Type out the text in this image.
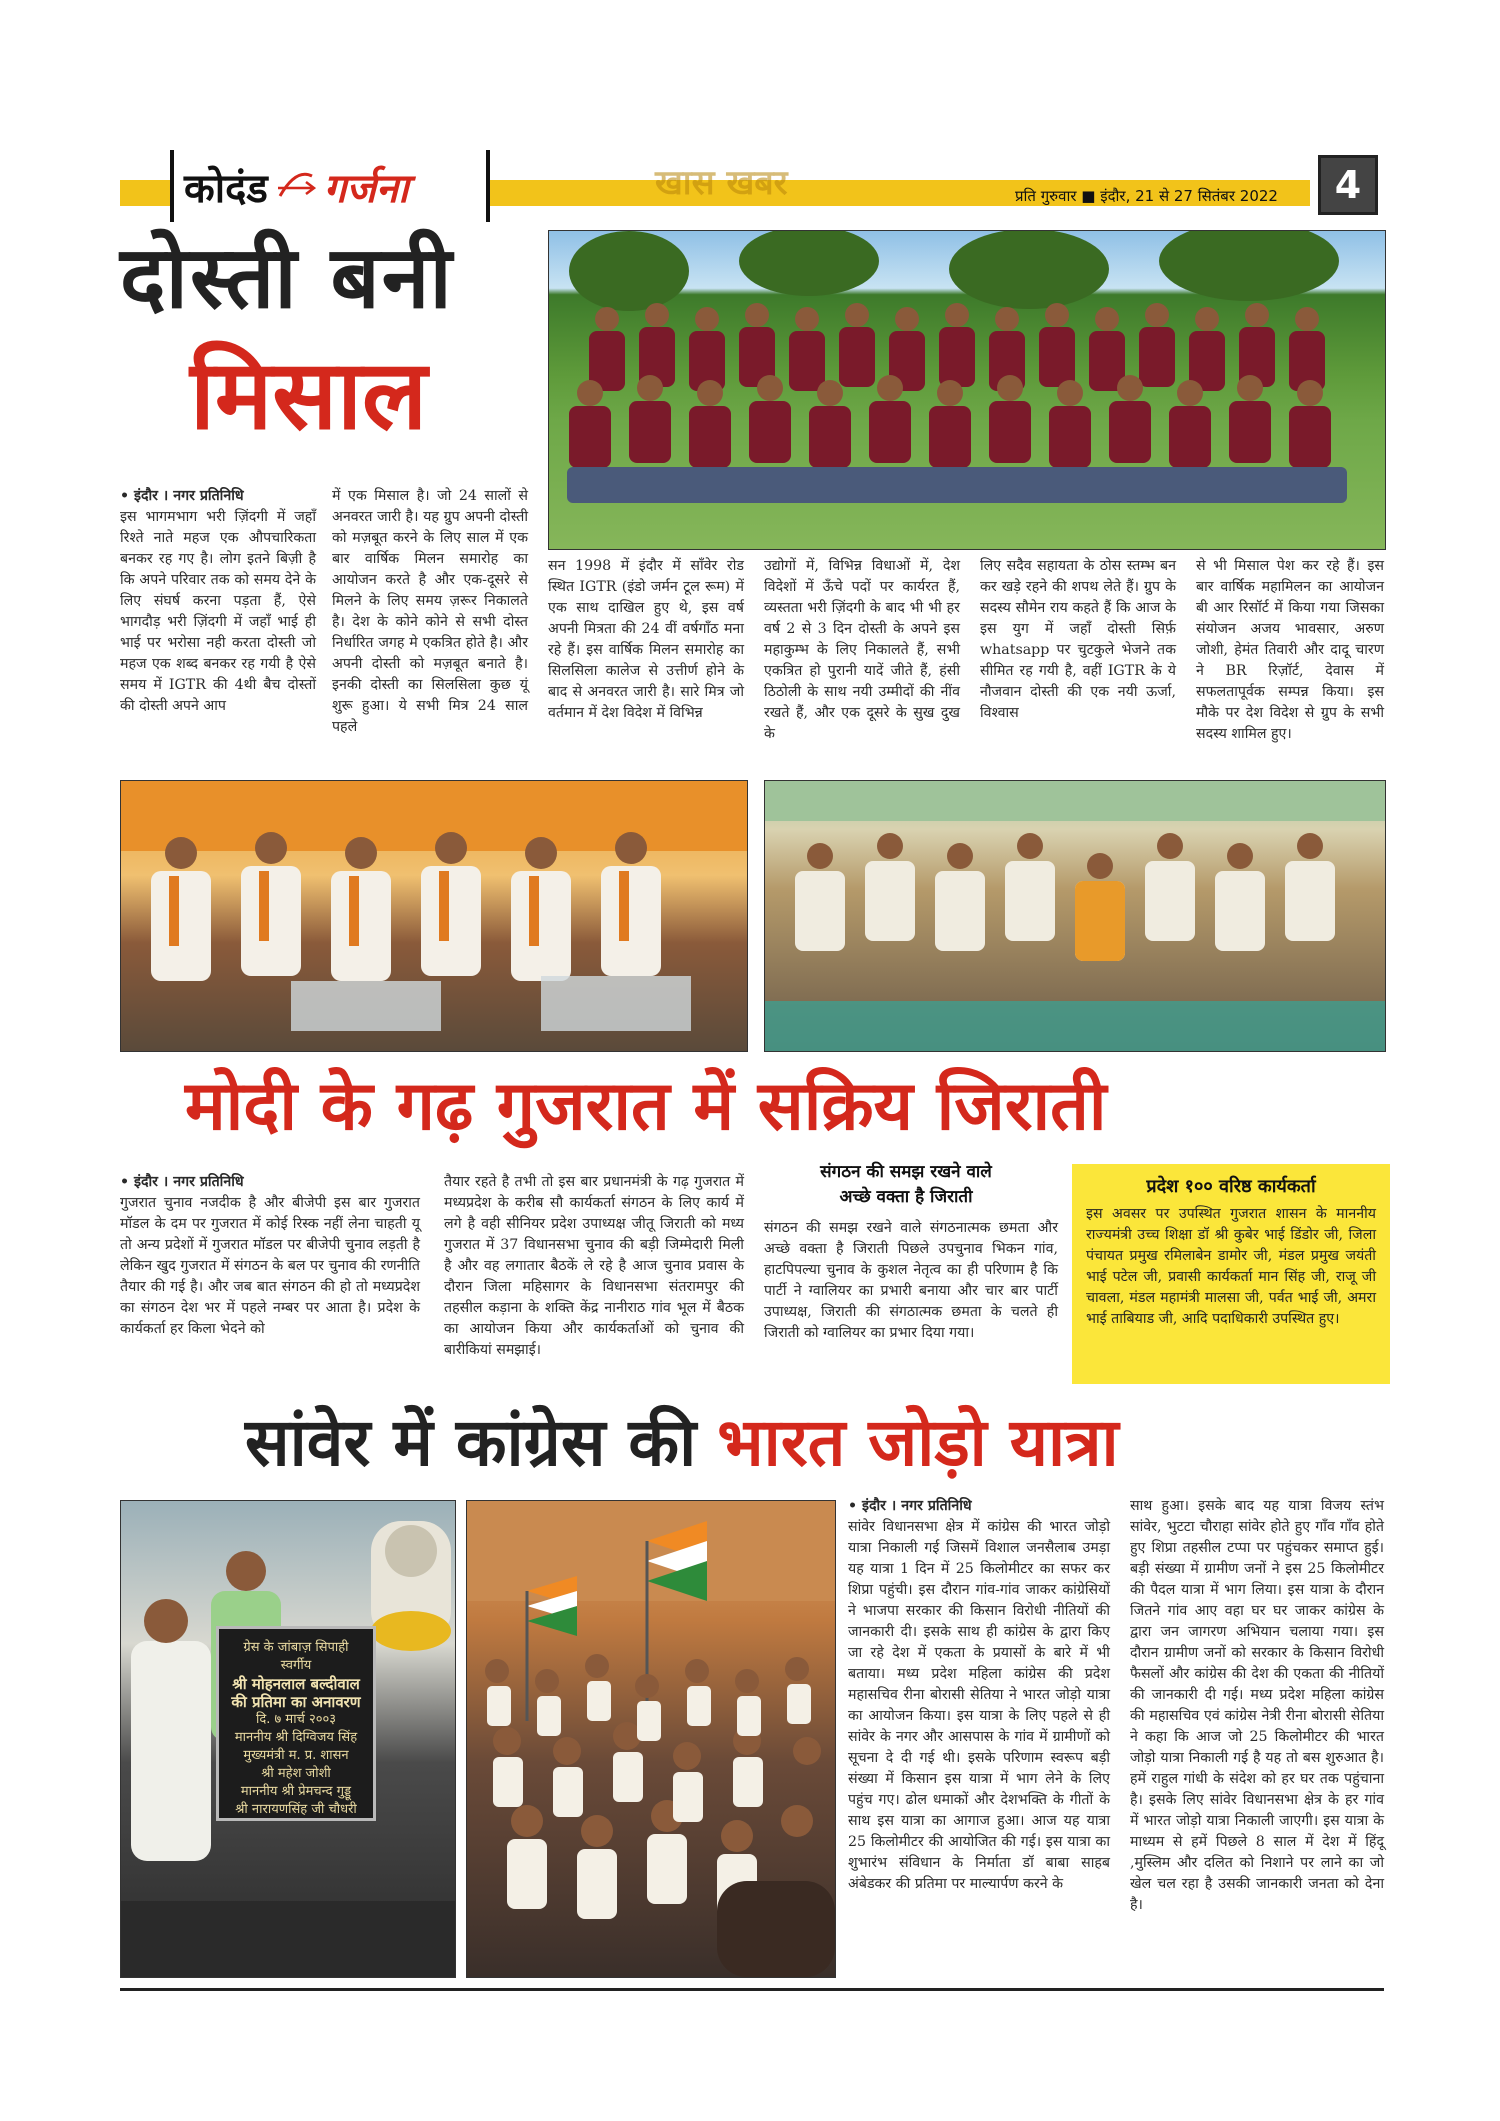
कोदंड गर्जना	खास खबर	प्रति गुरुवार ■ इंदौर, 21 से 27 सितंबर 2022	4
दोस्ती बनी
मिसाल
• इंदौर । नगर प्रतिनिधि
इस भागमभाग भरी ज़िंदगी में जहाँ रिश्ते नाते महज एक औपचारिकता बनकर रह गए है। लोग इतने बिज़ी है कि अपने परिवार तक को समय देने के लिए संघर्ष करना पड़ता हैं, ऐसे भागदौड़ भरी ज़िंदगी में जहाँ भाई ही भाई पर भरोसा नही करता दोस्ती जो महज एक शब्द बनकर रह गयी है ऐसे समय में IGTR की 4थी बैच दोस्तों की दोस्ती अपने आप
में एक मिसाल है। जो 24 सालों से अनवरत जारी है। यह ग्रुप अपनी दोस्ती को मज़बूत करने के लिए साल में एक बार वार्षिक मिलन समारोह का आयोजन करते है और एक-दूसरे से मिलने के लिए समय ज़रूर निकालते है। देश के कोने कोने से सभी दोस्त निर्धारित जगह मे एकत्रित होते है। और अपनी दोस्ती को मज़बूत बनाते है। इनकी दोस्ती का सिलसिला कुछ यूं शुरू हुआ। ये सभी मित्र 24 साल पहले
सन 1998 में इंदौर में साँवेर रोड स्थित IGTR (इंडो जर्मन टूल रूम) में एक साथ दाखिल हुए थे, इस वर्ष अपनी मित्रता की 24 वीं वर्षगाँठ मना रहे हैं। इस वार्षिक मिलन समारोह का सिलसिला कालेज से उत्तीर्ण होने के बाद से अनवरत जारी है। सारे मित्र जो वर्तमान में देश विदेश में विभिन्न
उद्योगों में, विभिन्न विधाओं में, देश विदेशों में ऊँचे पदों पर कार्यरत हैं, व्यस्तता भरी ज़िंदगी के बाद भी भी हर वर्ष 2 से 3 दिन दोस्ती के अपने इस महाकुम्भ के लिए निकालते हैं, सभी एकत्रित हो पुरानी यादें जीते हैं, हंसी ठिठोली के साथ नयी उम्मीदों की नींव रखते हैं, और एक दूसरे के सुख दुख के
लिए सदैव सहायता के ठोस स्तम्भ बन कर खड़े रहने की शपथ लेते हैं। ग्रुप के सदस्य सौमेन राय कहते हैं कि आज के इस युग में जहाँ दोस्ती सिर्फ़ whatsapp पर चुटकुले भेजने तक सीमित रह गयी है, वहीं IGTR के ये नौजवान दोस्ती की एक नयी ऊर्जा, विश्वास
से भी मिसाल पेश कर रहे हैं। इस बार वार्षिक महामिलन का आयोजन बी आर रिसॉर्ट में किया गया जिसका संयोजन अजय भावसार, अरुण जोशी, हेमंत तिवारी और दादू चारण ने BR रिज़ॉर्ट, देवास में सफलतापूर्वक सम्पन्न किया। इस मौके पर देश विदेश से ग्रुप के सभी सदस्य शामिल हुए।
मोदी के गढ़ गुजरात में सक्रिय जिराती
• इंदौर । नगर प्रतिनिधि
गुजरात चुनाव नजदीक है और बीजेपी इस बार गुजरात मॉडल के दम पर गुजरात में कोई रिस्क नहीं लेना चाहती यू तो अन्य प्रदेशों में गुजरात मॉडल पर बीजेपी चुनाव लड़ती है लेकिन खुद गुजरात में संगठन के बल पर चुनाव की रणनीति तैयार की गई है। और जब बात संगठन की हो तो मध्यप्रदेश का संगठन देश भर में पहले नम्बर पर आता है। प्रदेश के कार्यकर्ता हर किला भेदने को
तैयार रहते है तभी तो इस बार प्रधानमंत्री के गढ़ गुजरात में मध्यप्रदेश के करीब सौ कार्यकर्ता संगठन के लिए कार्य में लगे है वही सीनियर प्रदेश उपाध्यक्ष जीतू जिराती को मध्य गुजरात में 37 विधानसभा चुनाव की बड़ी जिम्मेदारी मिली है और वह लगातार बैठकें ले रहे है आज चुनाव प्रवास के दौरान जिला महिसागर के विधानसभा संतरामपुर की तहसील कड़ाना के शक्ति केंद्र नानीराठ गांव भूल में बैठक का आयोजन किया और कार्यकर्ताओं को चुनाव की बारीकियां समझाई।
संगठन की समझ रखने वाले
अच्छे वक्ता है जिराती
संगठन की समझ रखने वाले संगठनात्मक छमता और अच्छे वक्ता है जिराती पिछले उपचुनाव भिकन गांव, हाटपिपल्या चुनाव के कुशल नेतृत्व का ही परिणाम है कि पार्टी ने ग्वालियर का प्रभारी बनाया और चार बार पार्टी उपाध्यक्ष, जिराती की संगठात्मक छमता के चलते ही जिराती को ग्वालियर का प्रभार दिया गया।
प्रदेश १०० वरिष्ठ कार्यकर्ता

इस अवसर पर उपस्थित गुजरात शासन के माननीय राज्यमंत्री उच्च शिक्षा डॉ श्री कुबेर भाई डिंडोर जी, जिला पंचायत प्रमुख रमिलाबेन डामोर जी, मंडल प्रमुख जयंती भाई पटेल जी, प्रवासी कार्यकर्ता मान सिंह जी, राजू जी चावला, मंडल महामंत्री मालसा जी, पर्वत भाई जी, अमरा भाई ताबियाड जी, आदि पदाधिकारी उपस्थित हुए।

सांवेर में कांग्रेस की भारत जोड़ो यात्रा
ग्रेस के जांबाज़ सिपाही स्वर्गीय
श्री मोहनलाल बल्दीवाल
की प्रतिमा का अनावरण
दि. ७ मार्च २००३
माननीय श्री दिग्विजय सिंह
मुख्यमंत्री म. प्र. शासन
श्री महेश जोशी
माननीय श्री प्रेमचन्द गुड्डू
श्री नारायणसिंह जी चौधरी
• इंदौर । नगर प्रतिनिधि
सांवेर विधानसभा क्षेत्र में कांग्रेस की भारत जोड़ो यात्रा निकाली गई जिसमें विशाल जनसैलाब उमड़ा यह यात्रा 1 दिन में 25 किलोमीटर का सफर कर शिप्रा पहुंची। इस दौरान गांव-गांव जाकर कांग्रेसियों ने भाजपा सरकार की किसान विरोधी नीतियों की जानकारी दी। इसके साथ ही कांग्रेस के द्वारा किए जा रहे देश में एकता के प्रयासों के बारे में भी बताया। मध्य प्रदेश महिला कांग्रेस की प्रदेश महासचिव रीना बोरासी सेतिया ने भारत जोड़ो यात्रा का आयोजन किया। इस यात्रा के लिए पहले से ही सांवेर के नगर और आसपास के गांव में ग्रामीणों को सूचना दे दी गई थी। इसके परिणाम स्वरूप बड़ी संख्या में किसान इस यात्रा में भाग लेने के लिए पहुंच गए। ढोल धमाकों और देशभक्ति के गीतों के साथ इस यात्रा का आगाज हुआ। आज यह यात्रा 25 किलोमीटर की आयोजित की गई। इस यात्रा का शुभारंभ संविधान के निर्माता डॉ बाबा साहब अंबेडकर की प्रतिमा पर माल्यार्पण करने के
साथ हुआ। इसके बाद यह यात्रा विजय स्तंभ सांवेर, भुटटा चौराहा सांवेर होते हुए गाँव गाँव होते हुए शिप्रा तहसील टप्पा पर पहुंचकर समाप्त हुई। बड़ी संख्या में ग्रामीण जनों ने इस 25 किलोमीटर की पैदल यात्रा में भाग लिया। इस यात्रा के दौरान जितने गांव आए वहा घर घर जाकर कांग्रेस के द्वारा जन जागरण अभियान चलाया गया। इस दौरान ग्रामीण जनों को सरकार के किसान विरोधी फैसलों और कांग्रेस की देश की एकता की नीतियों की जानकारी दी गई। मध्य प्रदेश महिला कांग्रेस की महासचिव एवं कांग्रेस नेत्री रीना बोरासी सेतिया ने कहा कि आज जो 25 किलोमीटर की भारत जोड़ो यात्रा निकाली गई है यह तो बस शुरुआत है। हमें राहुल गांधी के संदेश को हर घर तक पहुंचाना है। इसके लिए सांवेर विधानसभा क्षेत्र के हर गांव में भारत जोड़ो यात्रा निकाली जाएगी। इस यात्रा के माध्यम से हमें पिछले 8 साल में देश में हिंदू ,मुस्लिम और दलित को निशाने पर लाने का जो खेल चल रहा है उसकी जानकारी जनता को देना है।
